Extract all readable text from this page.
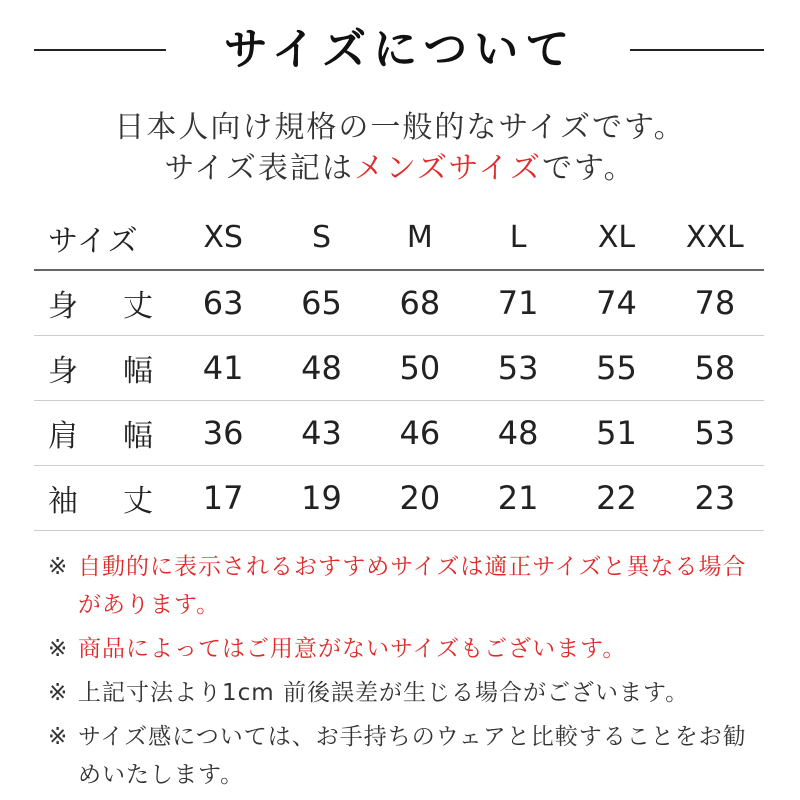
サイズについて
日本人向け規格の一般的なサイズです。
サイズ表記はメンズサイズです。
サイズ	XS	S	M	L	XL	XXL
身 丈	63	65	68	71	74	78
身 幅	41	48	50	53	55	58
肩 幅	36	43	46	48	51	53
袖 丈	17	19	20	21	22	23
※ 自動的に表示されるおすすめサイズは適正サイズと異なる場合があります。
※ 商品によってはご用意がないサイズもございます。
※ 上記寸法より1cm 前後誤差が生じる場合がございます。
※ サイズ感については、お手持ちのウェアと比較することをお勧めいたします。
